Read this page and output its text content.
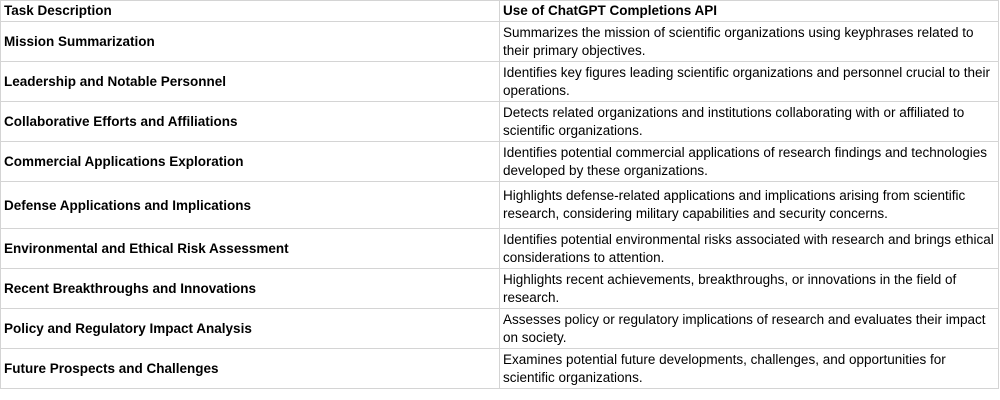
Task Description	Use of ChatGPT Completions API
Mission Summarization	Summarizes the mission of scientific organizations using keyphrases related to their primary objectives.
Leadership and Notable Personnel	Identifies key figures leading scientific organizations and personnel crucial to their operations.
Collaborative Efforts and Affiliations	Detects related organizations and institutions collaborating with or affiliated to scientific organizations.
Commercial Applications Exploration	Identifies potential commercial applications of research findings and technologies developed by these organizations.
Defense Applications and Implications	Highlights defense-related applications and implications arising from scientific research, considering military capabilities and security concerns.
Environmental and Ethical Risk Assessment	Identifies potential environmental risks associated with research and brings ethical considerations to attention.
Recent Breakthroughs and Innovations	Highlights recent achievements, breakthroughs, or innovations in the field of research.
Policy and Regulatory Impact Analysis	Assesses policy or regulatory implications of research and evaluates their impact on society.
Future Prospects and Challenges	Examines potential future developments, challenges, and opportunities for scientific organizations.
